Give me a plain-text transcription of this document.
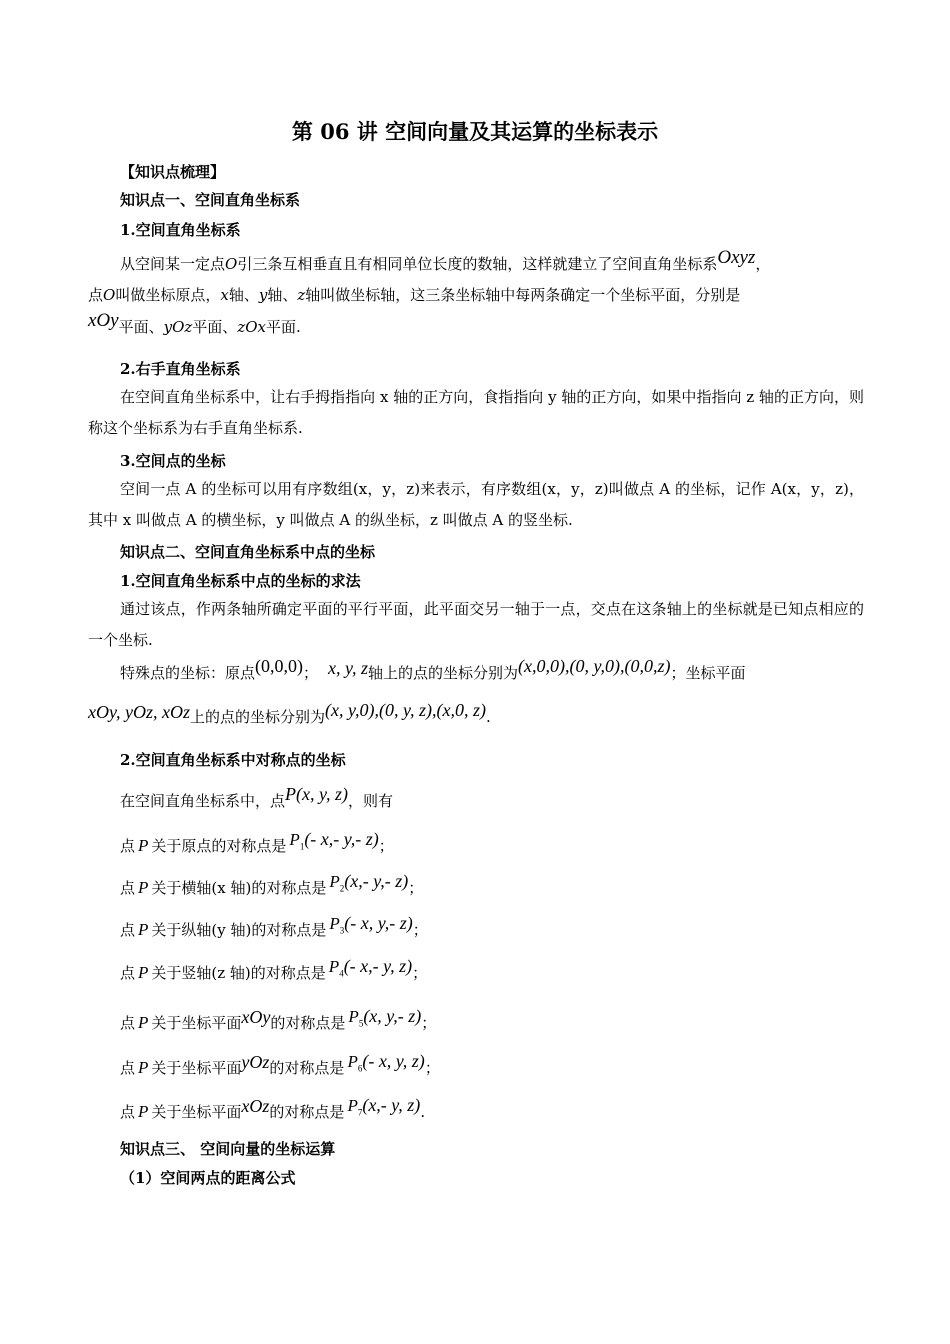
第 06 讲 空间向量及其运算的坐标表示
【知识点梳理】
知识点一、空间直角坐标系
1.空间直角坐标系
从空间某一定点O引三条互相垂直且有相同单位长度的数轴，这样就建立了空间直角坐标系Oxyz，
点O叫做坐标原点，x轴、y轴、z轴叫做坐标轴，这三条坐标轴中每两条确定一个坐标平面，分别是
xOy平面、yOz平面、zOx平面.
2.右手直角坐标系
在空间直角坐标系中，让右手拇指指向 x 轴的正方向，食指指向 y 轴的正方向，如果中指指向 z 轴的正方向，则称这个坐标系为右手直角坐标系.
3.空间点的坐标
空间一点 A 的坐标可以用有序数组(x，y，z)来表示，有序数组(x，y，z)叫做点 A 的坐标，记作 A(x，y，z)，其中 x 叫做点 A 的横坐标，y 叫做点 A 的纵坐标，z 叫做点 A 的竖坐标.
知识点二、空间直角坐标系中点的坐标
1.空间直角坐标系中点的坐标的求法
通过该点，作两条轴所确定平面的平行平面，此平面交另一轴于一点，交点在这条轴上的坐标就是已知点相应的一个坐标.
特殊点的坐标：原点(0,0,0)； x, y, z轴上的点的坐标分别为(x,0,0),(0, y,0),(0,0,z)；坐标平面
xOy, yOz, xOz上的点的坐标分别为(x, y,0),(0, y, z),(x,0, z).
2.空间直角坐标系中对称点的坐标
在空间直角坐标系中，点P(x, y, z)，则有
点 P 关于原点的对称点是 $P_1(-$ x,- y,- z)；
点 P 关于横轴(x 轴)的对称点是 $P_2(x,-$ y,- z)；
点 P 关于纵轴(y 轴)的对称点是 $P_3(-$ x, y,- z)；
点 P 关于竖轴(z 轴)的对称点是 $P_4(-$ x,- y, z)；
点 P 关于坐标平面xOy的对称点是 $P_5(x$, y,- z)；
点 P 关于坐标平面yOz的对称点是 $P_6(-$ x, y, z)；
点 P 关于坐标平面xOz的对称点是 $P_7(x,-$ y, z).
知识点三、 空间向量的坐标运算
（1）空间两点的距离公式
